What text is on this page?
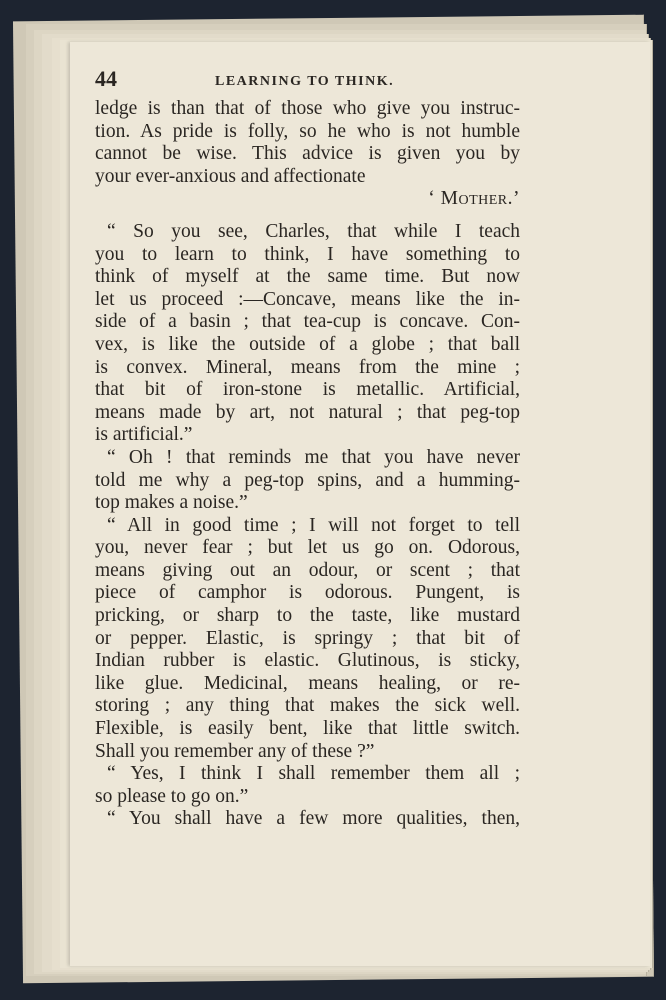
44	LEARNING TO THINK.
ledge is than that of those who give you instruc-
tion. As pride is folly, so he who is not humble
cannot be wise. This advice is given you by
your ever-anxious and affectionate
‘ Mother.’
“ So you see, Charles, that while I teach
you to learn to think, I have something to
think of myself at the same time. But now
let us proceed :—Concave, means like the in-
side of a basin ; that tea-cup is concave. Con-
vex, is like the outside of a globe ; that ball
is convex. Mineral, means from the mine ;
that bit of iron-stone is metallic. Artificial,
means made by art, not natural ; that peg-top
is artificial.”
“ Oh ! that reminds me that you have never
told me why a peg-top spins, and a humming-
top makes a noise.”
“ All in good time ; I will not forget to tell
you, never fear ; but let us go on. Odorous,
means giving out an odour, or scent ; that
piece of camphor is odorous. Pungent, is
pricking, or sharp to the taste, like mustard
or pepper. Elastic, is springy ; that bit of
Indian rubber is elastic. Glutinous, is sticky,
like glue. Medicinal, means healing, or re-
storing ; any thing that makes the sick well.
Flexible, is easily bent, like that little switch.
Shall you remember any of these ?”
“ Yes, I think I shall remember them all ;
so please to go on.”
“ You shall have a few more qualities, then,
